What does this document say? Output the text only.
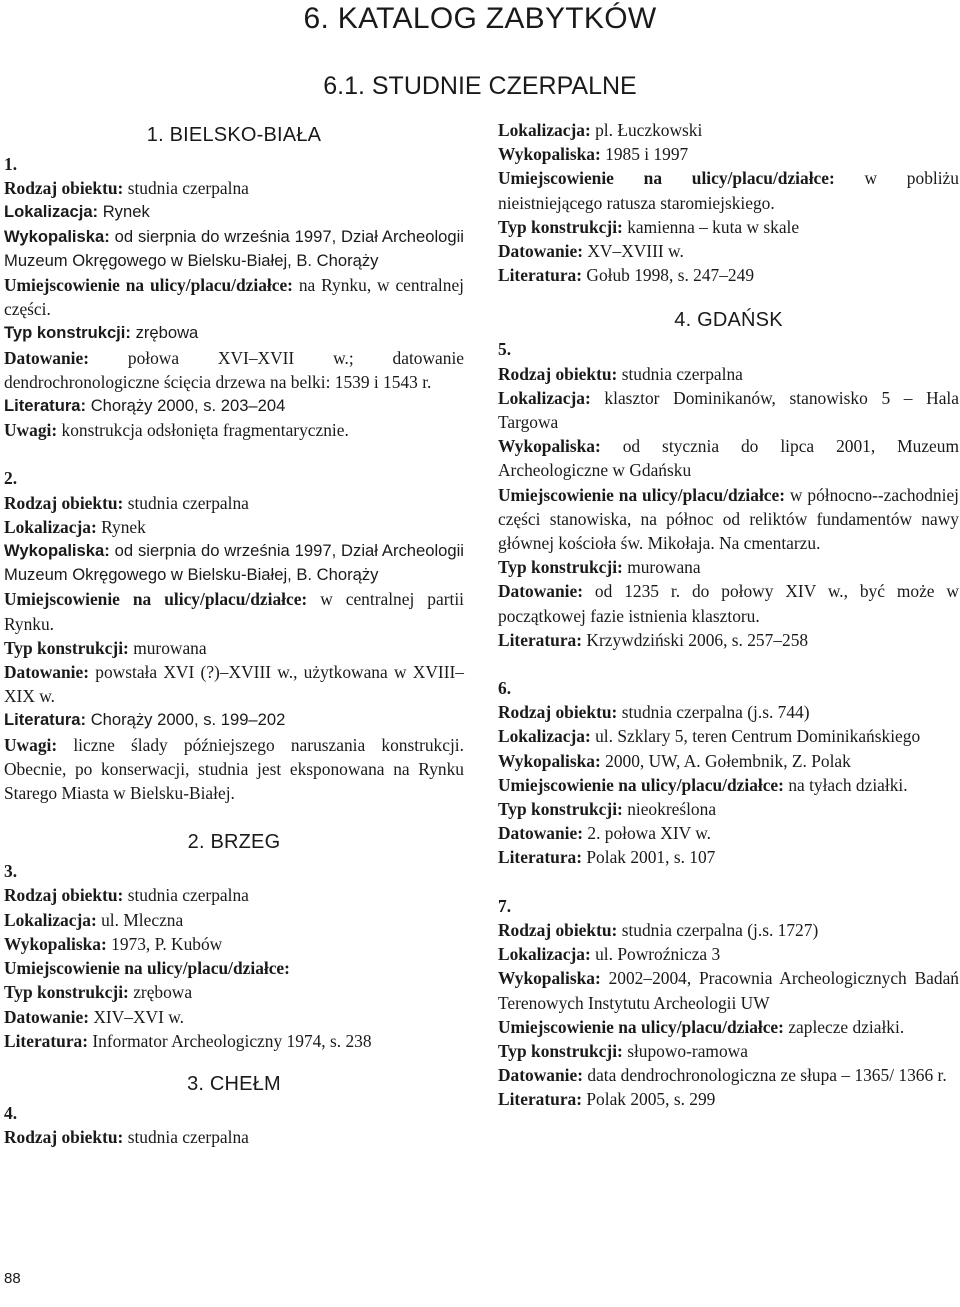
6. KATALOG ZABYTKÓW
6.1. STUDNIE CZERPALNE
1. BIELSKO-BIAŁA
1.
Rodzaj obiektu: studnia czerpalna
Lokalizacja: Rynek
Wykopaliska: od sierpnia do września 1997, Dział Archeologii Muzeum Okręgowego w Bielsku-Białej, B. Chorąży
Umiejscowienie na ulicy/placu/działce: na Rynku, w centralnej części.
Typ konstrukcji: zrębowa
Datowanie: połowa XVI–XVII w.; datowanie dendrochronologiczne ścięcia drzewa na belki: 1539 i 1543 r.
Literatura: Chorąży 2000, s. 203–204
Uwagi: konstrukcja odsłonięta fragmentarycznie.
2.
Rodzaj obiektu: studnia czerpalna
Lokalizacja: Rynek
Wykopaliska: od sierpnia do września 1997, Dział Archeologii Muzeum Okręgowego w Bielsku-Białej, B. Chorąży
Umiejscowienie na ulicy/placu/działce: w centralnej partii Rynku.
Typ konstrukcji: murowana
Datowanie: powstała XVI (?)–XVIII w., użytkowana w XVIII–XIX w.
Literatura: Chorąży 2000, s. 199–202
Uwagi: liczne ślady późniejszego naruszania konstrukcji. Obecnie, po konserwacji, studnia jest eksponowana na Rynku Starego Miasta w Bielsku-Białej.
2. BRZEG
3.
Rodzaj obiektu: studnia czerpalna
Lokalizacja: ul. Mleczna
Wykopaliska: 1973, P. Kubów
Umiejscowienie na ulicy/placu/działce:
Typ konstrukcji: zrębowa
Datowanie: XIV–XVI w.
Literatura: Informator Archeologiczny 1974, s. 238
3. CHEŁM
4.
Rodzaj obiektu: studnia czerpalna
Lokalizacja: pl. Łuczkowski
Wykopaliska: 1985 i 1997
Umiejscowienie na ulicy/placu/działce: w pobliżu nieistniejącego ratusza staromiejskiego.
Typ konstrukcji: kamienna – kuta w skale
Datowanie: XV–XVIII w.
Literatura: Gołub 1998, s. 247–249
4. GDAŃSK
5.
Rodzaj obiektu: studnia czerpalna
Lokalizacja: klasztor Dominikanów, stanowisko 5 – Hala Targowa
Wykopaliska: od stycznia do lipca 2001, Muzeum Archeologiczne w Gdańsku
Umiejscowienie na ulicy/placu/działce: w północno--zachodniej części stanowiska, na północ od reliktów fundamentów nawy głównej kościoła św. Mikołaja. Na cmentarzu.
Typ konstrukcji: murowana
Datowanie: od 1235 r. do połowy XIV w., być może w początkowej fazie istnienia klasztoru.
Literatura: Krzywdziński 2006, s. 257–258
6.
Rodzaj obiektu: studnia czerpalna (j.s. 744)
Lokalizacja: ul. Szklary 5, teren Centrum Dominikańskiego
Wykopaliska: 2000, UW, A. Gołembnik, Z. Polak
Umiejscowienie na ulicy/placu/działce: na tyłach działki.
Typ konstrukcji: nieokreślona
Datowanie: 2. połowa XIV w.
Literatura: Polak 2001, s. 107
7.
Rodzaj obiektu: studnia czerpalna (j.s. 1727)
Lokalizacja: ul. Powroźnicza 3
Wykopaliska: 2002–2004, Pracownia Archeologicznych Badań Terenowych Instytutu Archeologii UW
Umiejscowienie na ulicy/placu/działce: zaplecze działki.
Typ konstrukcji: słupowo-ramowa
Datowanie: data dendrochronologiczna ze słupa – 1365/ 1366 r.
Literatura: Polak 2005, s. 299
88
